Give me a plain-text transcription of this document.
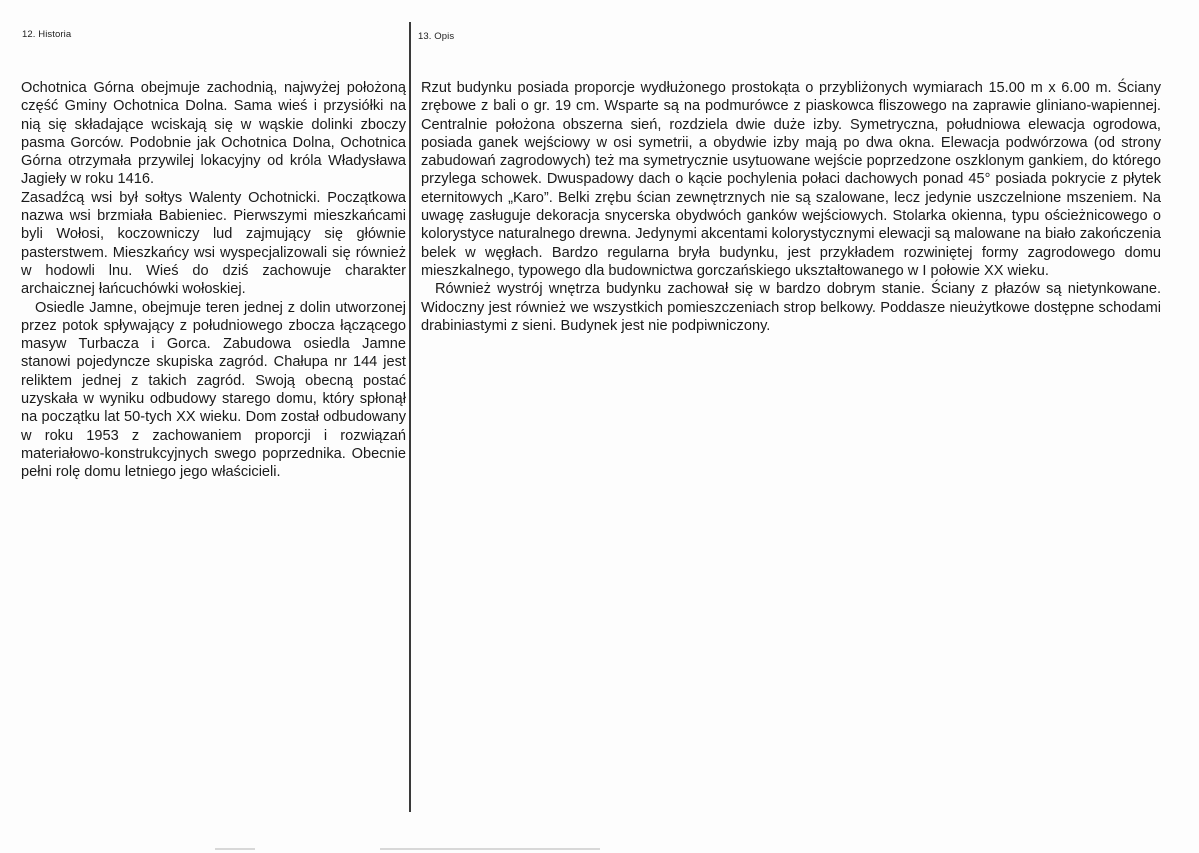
12. Historia	13. Opis

Ochotnica Górna obejmuje zachodnią, najwyżej położoną część Gminy Ochotnica Dolna. Sama wieś i przysiółki na nią się składające wciskają się w wąskie dolinki zboczy pasma Gorców. Podobnie jak Ochotnica Dolna, Ochotnica Górna otrzymała przywilej lokacyjny od króla Władysława Jagieły w roku 1416.

Zasadźcą wsi był sołtys Walenty Ochotnicki. Początkowa nazwa wsi brzmiała Babieniec. Pierwszymi mieszkańcami byli Wołosi, koczowniczy lud zajmujący się głównie pasterstwem. Mieszkańcy wsi wyspecjalizowali się również w hodowli lnu. Wieś do dziś zachowuje charakter archaicznej łańcuchówki wołoskiej.

Osiedle Jamne, obejmuje teren jednej z dolin utworzonej przez potok spływający z południowego zbocza łączącego masyw Turbacza i Gorca. Zabudowa osiedla Jamne stanowi pojedyncze skupiska zagród. Chałupa nr 144 jest reliktem jednej z takich zagród. Swoją obecną postać uzyskała w wyniku odbudowy starego domu, który spłonął na początku lat 50-tych XX wieku. Dom został odbudowany w roku 1953 z zachowaniem proporcji i rozwiązań materiałowo-konstrukcyjnych swego poprzednika. Obecnie pełni rolę domu letniego jego właścicieli.

Rzut budynku posiada proporcje wydłużonego prostokąta o przybliżonych wymiarach 15.00 m x 6.00 m. Ściany zrębowe z bali o gr. 19 cm. Wsparte są na podmurówce z piaskowca fliszowego na zaprawie gliniano-wapiennej. Centralnie położona obszerna sień, rozdziela dwie duże izby. Symetryczna, południowa elewacja ogrodowa, posiada ganek wejściowy w osi symetrii, a obydwie izby mają po dwa okna. Elewacja podwórzowa (od strony zabudowań zagrodowych) też ma symetrycznie usytuowane wejście poprzedzone oszklonym gankiem, do którego przylega schowek. Dwuspadowy dach o kącie pochylenia połaci dachowych ponad 45° posiada pokrycie z płytek eternitowych „Karo”. Belki zrębu ścian zewnętrznych nie są szalowane, lecz jedynie uszczelnione mszeniem. Na uwagę zasługuje dekoracja snycerska obydwóch ganków wejściowych. Stolarka okienna, typu ościeżnicowego o kolorystyce naturalnego drewna. Jedynymi akcentami kolorystycznymi elewacji są malowane na biało zakończenia belek w węgłach. Bardzo regularna bryła budynku, jest przykładem rozwiniętej formy zagrodowego domu mieszkalnego, typowego dla budownictwa gorczańskiego ukształtowanego w I połowie XX wieku.

Również wystrój wnętrza budynku zachował się w bardzo dobrym stanie. Ściany z płazów są nietynkowane. Widoczny jest również we wszystkich pomieszczeniach strop belkowy. Poddasze nieużytkowe dostępne schodami drabiniastymi z sieni. Budynek jest nie podpiwniczony.
